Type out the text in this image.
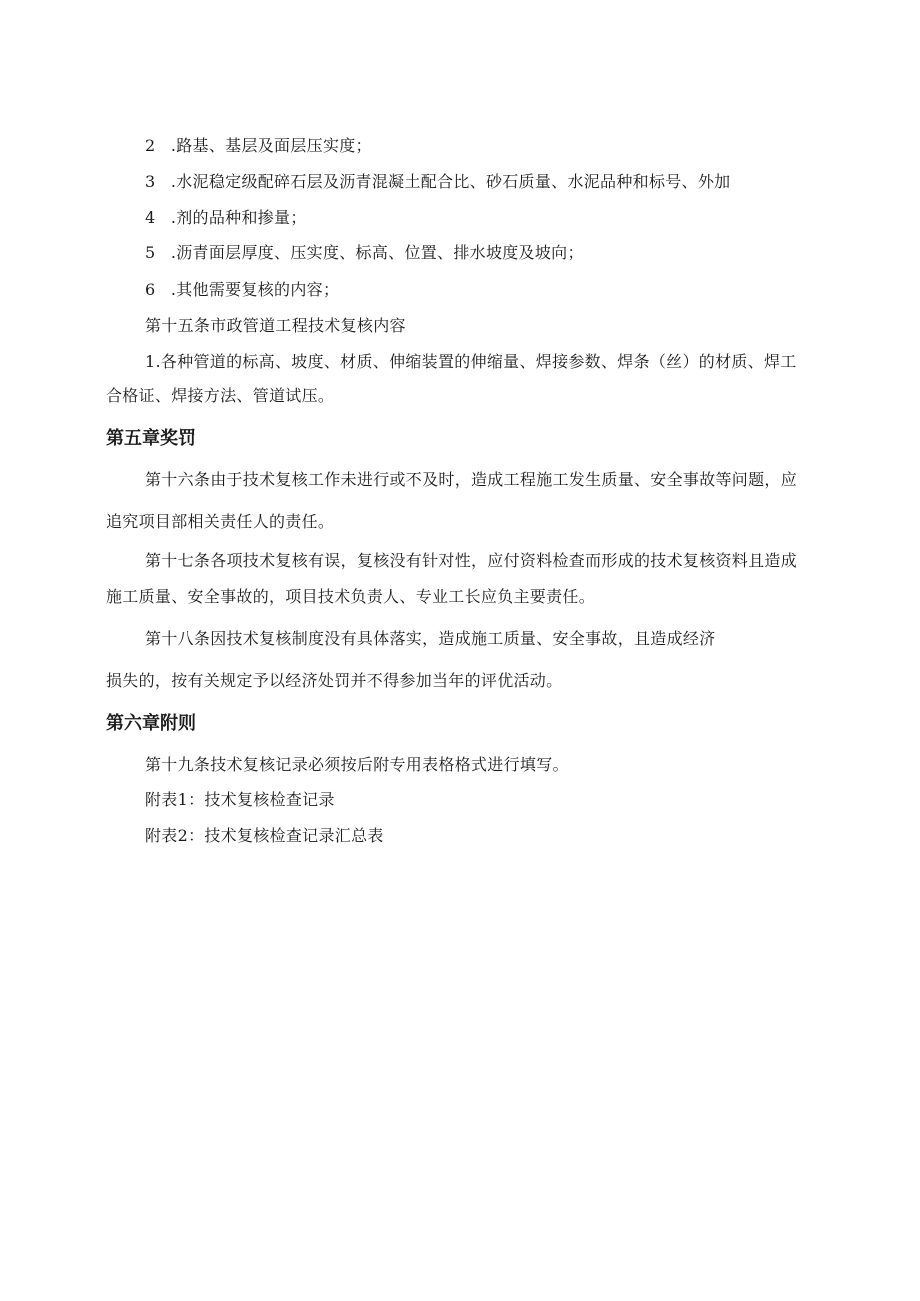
2 .路基、基层及面层压实度；
3 .水泥稳定级配碎石层及沥青混凝土配合比、砂石质量、水泥品种和标号、外加
4 .剂的品种和掺量；
5 .沥青面层厚度、压实度、标高、位置、排水坡度及坡向；
6 .其他需要复核的内容；
第十五条市政管道工程技术复核内容
1.各种管道的标高、坡度、材质、伸缩装置的伸缩量、焊接参数、焊条（丝）的材质、焊工
合格证、焊接方法、管道试压。
第五章奖罚
第十六条由于技术复核工作未进行或不及时，造成工程施工发生质量、安全事故等问题，应
追究项目部相关责任人的责任。
第十七条各项技术复核有误，复核没有针对性，应付资料检查而形成的技术复核资料且造成
施工质量、安全事故的，项目技术负责人、专业工长应负主要责任。
第十八条因技术复核制度没有具体落实，造成施工质量、安全事故，且造成经济
损失的，按有关规定予以经济处罚并不得参加当年的评优活动。
第六章附则
第十九条技术复核记录必须按后附专用表格格式进行填写。
附表1：技术复核检查记录
附表2：技术复核检查记录汇总表
